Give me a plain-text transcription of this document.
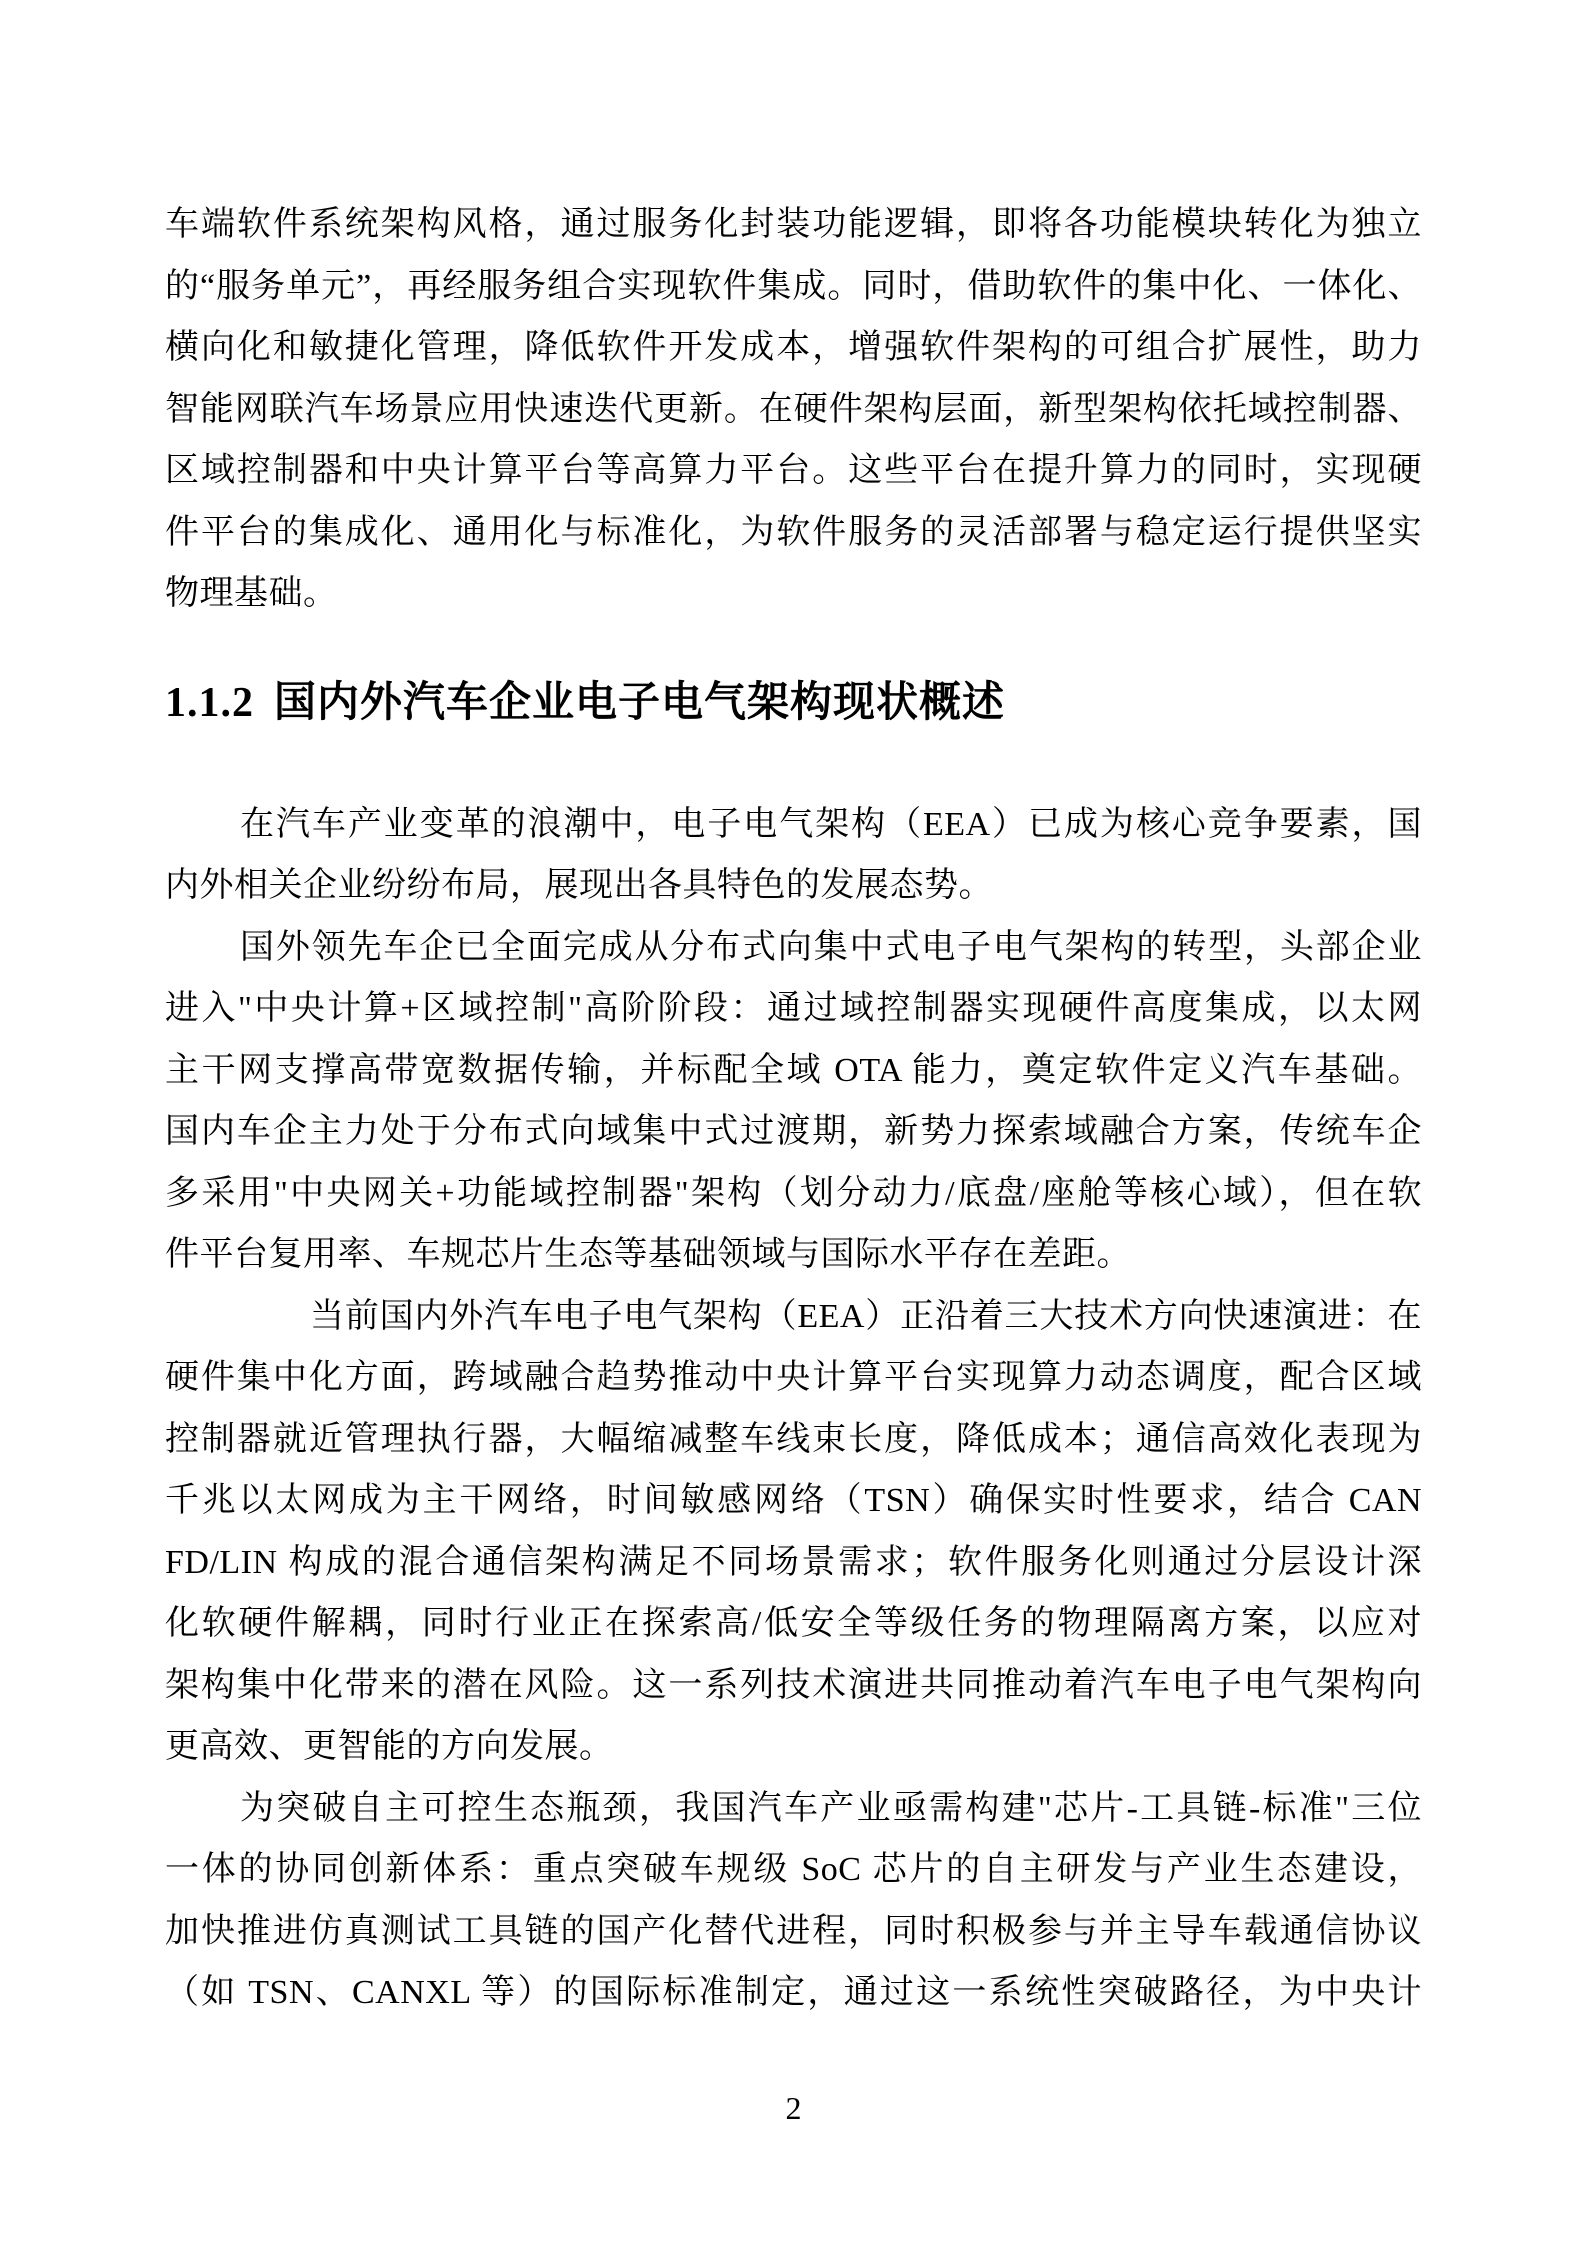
车端软件系统架构风格，通过服务化封装功能逻辑，即将各功能模块转化为独立
的“服务单元”，再经服务组合实现软件集成。同时，借助软件的集中化、一体化、
横向化和敏捷化管理，降低软件开发成本，增强软件架构的可组合扩展性，助力
智能网联汽车场景应用快速迭代更新。在硬件架构层面，新型架构依托域控制器、
区域控制器和中央计算平台等高算力平台。这些平台在提升算力的同时，实现硬
件平台的集成化、通用化与标准化，为软件服务的灵活部署与稳定运行提供坚实
物理基础。
1.1.2 国内外汽车企业电子电气架构现状概述
在汽车产业变革的浪潮中，电子电气架构（EEA）已成为核心竞争要素，国
内外相关企业纷纷布局，展现出各具特色的发展态势。
国外领先车企已全面完成从分布式向集中式电子电气架构的转型，头部企业
进入"中央计算+区域控制"高阶阶段：通过域控制器实现硬件高度集成，以太网
主干网支撑高带宽数据传输，并标配全域 OTA 能力，奠定软件定义汽车基础。
国内车企主力处于分布式向域集中式过渡期，新势力探索域融合方案，传统车企
多采用"中央网关+功能域控制器"架构（划分动力/底盘/座舱等核心域），但在软
件平台复用率、车规芯片生态等基础领域与国际水平存在差距。
当前国内外汽车电子电气架构（EEA）正沿着三大技术方向快速演进：在
硬件集中化方面，跨域融合趋势推动中央计算平台实现算力动态调度，配合区域
控制器就近管理执行器，大幅缩减整车线束长度，降低成本；通信高效化表现为
千兆以太网成为主干网络，时间敏感网络（TSN）确保实时性要求，结合 CAN
FD/LIN 构成的混合通信架构满足不同场景需求；软件服务化则通过分层设计深
化软硬件解耦，同时行业正在探索高/低安全等级任务的物理隔离方案，以应对
架构集中化带来的潜在风险。这一系列技术演进共同推动着汽车电子电气架构向
更高效、更智能的方向发展。
为突破自主可控生态瓶颈，我国汽车产业亟需构建"芯片-工具链-标准"三位
一体的协同创新体系：重点突破车规级 SoC 芯片的自主研发与产业生态建设，
加快推进仿真测试工具链的国产化替代进程，同时积极参与并主导车载通信协议
（如 TSN、CANXL 等）的国际标准制定，通过这一系统性突破路径，为中央计
2
